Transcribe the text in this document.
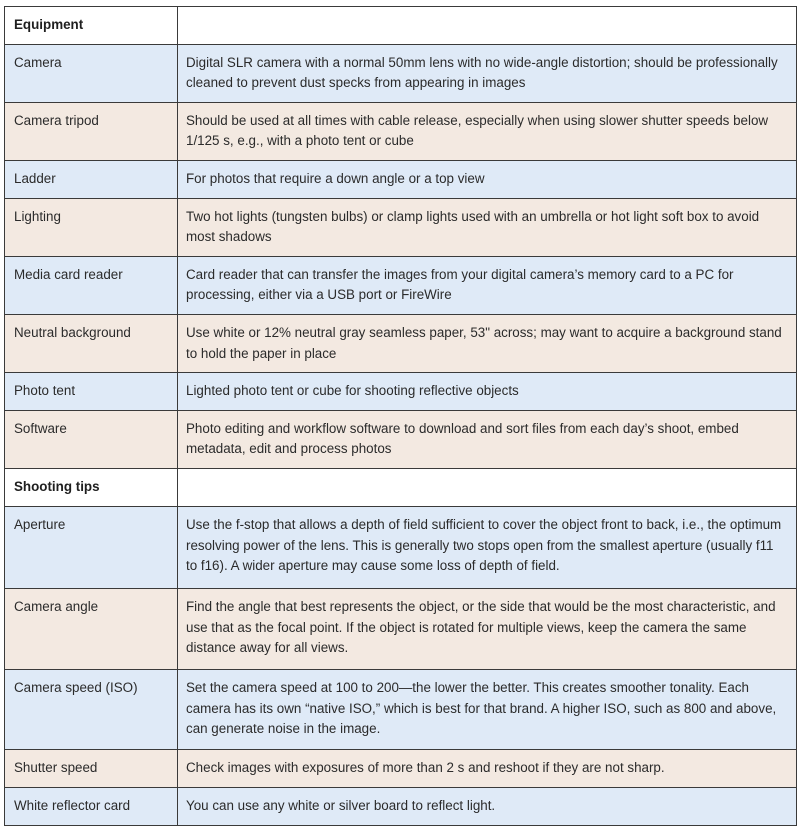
Equipment	
Camera	Digital SLR camera with a normal 50mm lens with no wide-angle distortion; should be professionally cleaned to prevent dust specks from appearing in images
Camera tripod	Should be used at all times with cable release, especially when using slower shutter speeds below 1/125 s, e.g., with a photo tent or cube
Ladder	For photos that require a down angle or a top view
Lighting	Two hot lights (tungsten bulbs) or clamp lights used with an umbrella or hot light soft box to avoid most shadows
Media card reader	Card reader that can transfer the images from your digital camera’s memory card to a PC for processing, either via a USB port or FireWire
Neutral background	Use white or 12% neutral gray seamless paper, 53" across; may want to acquire a background stand to hold the paper in place
Photo tent	Lighted photo tent or cube for shooting reflective objects
Software	Photo editing and workflow software to download and sort files from each day’s shoot, embed metadata, edit and process photos
Shooting tips	
Aperture	Use the f-stop that allows a depth of field sufficient to cover the object front to back, i.e., the optimum resolving power of the lens. This is generally two stops open from the smallest aperture (usually f11 to f16). A wider aperture may cause some loss of depth of field.
Camera angle	Find the angle that best represents the object, or the side that would be the most characteristic, and use that as the focal point. If the object is rotated for multiple views, keep the camera the same distance away for all views.
Camera speed (ISO)	Set the camera speed at 100 to 200—the lower the better. This creates smoother tonality. Each camera has its own “native ISO,” which is best for that brand. A higher ISO, such as 800 and above, can generate noise in the image.
Shutter speed	Check images with exposures of more than 2 s and reshoot if they are not sharp.
White reflector card	You can use any white or silver board to reflect light.
